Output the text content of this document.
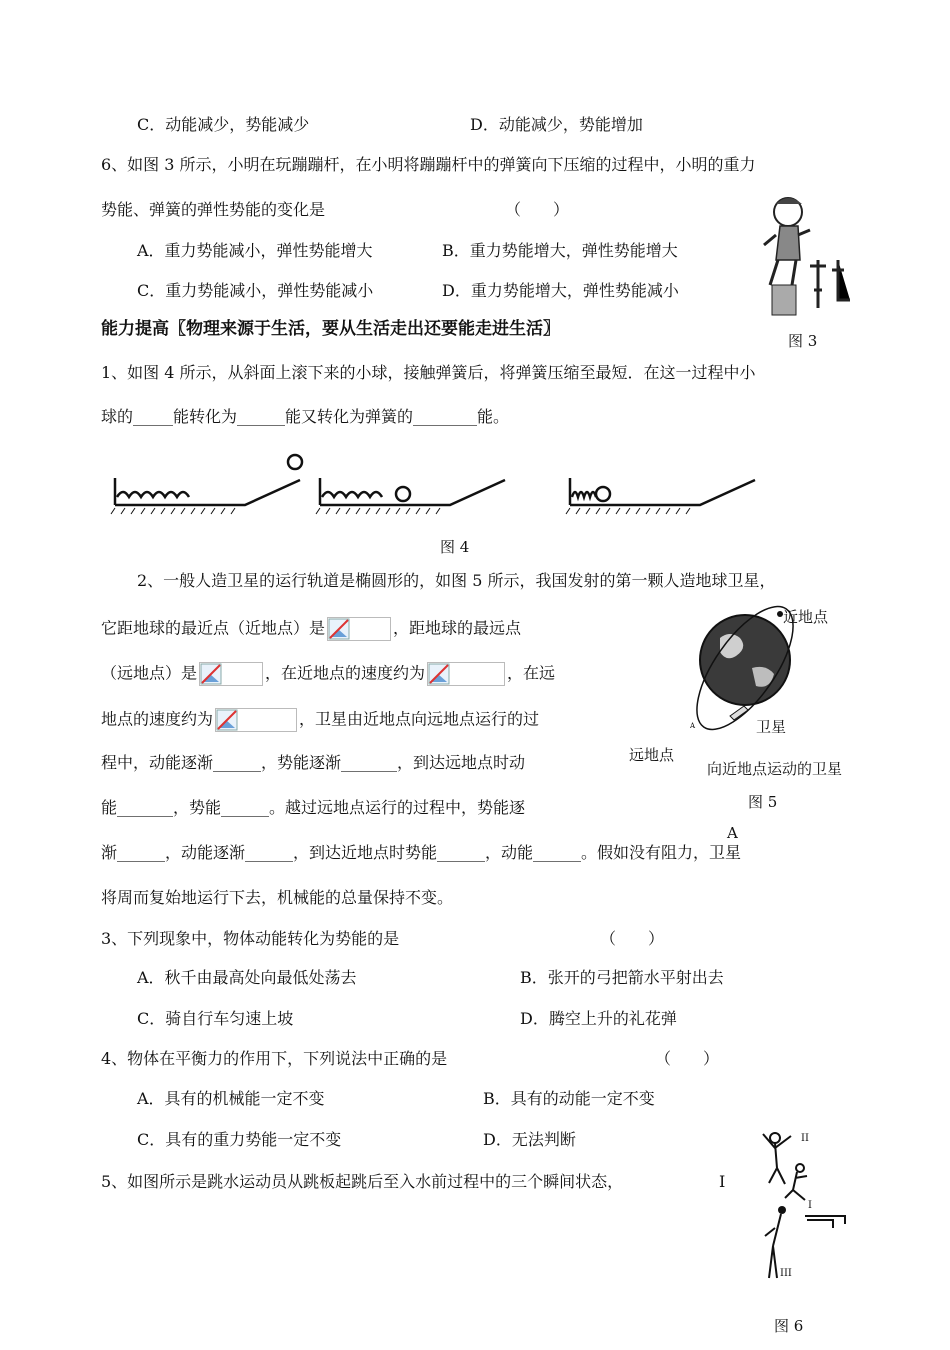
C．动能减少，势能减少	D．动能减少，势能增加
6、如图 3 所示，小明在玩蹦蹦杆，在小明将蹦蹦杆中的弹簧向下压缩的过程中，小明的重力
势能、弹簧的弹性势能的变化是	（　　）
A．重力势能减小，弹性势能增大	B．重力势能增大，弹性势能增大
C．重力势能减小，弹性势能减小	D．重力势能增大，弹性势能减小
图 3
能力提高〖物理来源于生活，要从生活走出还要能走进生活〗
1、如图 4 所示，从斜面上滚下来的小球，接触弹簧后，将弹簧压缩至最短．在这一过程中小
球的_____能转化为______能又转化为弹簧的________能。
图 4
2、一般人造卫星的运行轨道是椭圆形的，如图 5 所示，我国发射的第一颗人造地球卫星，
它距地球的最近点（近地点）是	，距地球的最远点
（远地点）是	，在近地点的速度约为	，在远
地点的速度约为	，卫星由近地点向远地点运行的过
程中，动能逐渐______，势能逐渐_______，到达远地点时动
能_______，势能______。越过远地点运行的过程中，势能逐
渐______，动能逐渐______，到达近地点时势能______，动能______。假如没有阻力，卫星
将周而复始地运行下去，机械能的总量保持不变。
A
近地点
卫星
远地点
向近地点运动的卫星
图 5
A
3、下列现象中，物体动能转化为势能的是	（　　）
A．秋千由最高处向最低处荡去	B．张开的弓把箭水平射出去
C．骑自行车匀速上坡	D．腾空上升的礼花弹
4、物体在平衡力的作用下，下列说法中正确的是	（　　）
A．具有的机械能一定不变	B．具有的动能一定不变
C．具有的重力势能一定不变	D．无法判断
5、如图所示是跳水运动员从跳板起跳后至入水前过程中的三个瞬间状态，	I
II
I
III
图 6
